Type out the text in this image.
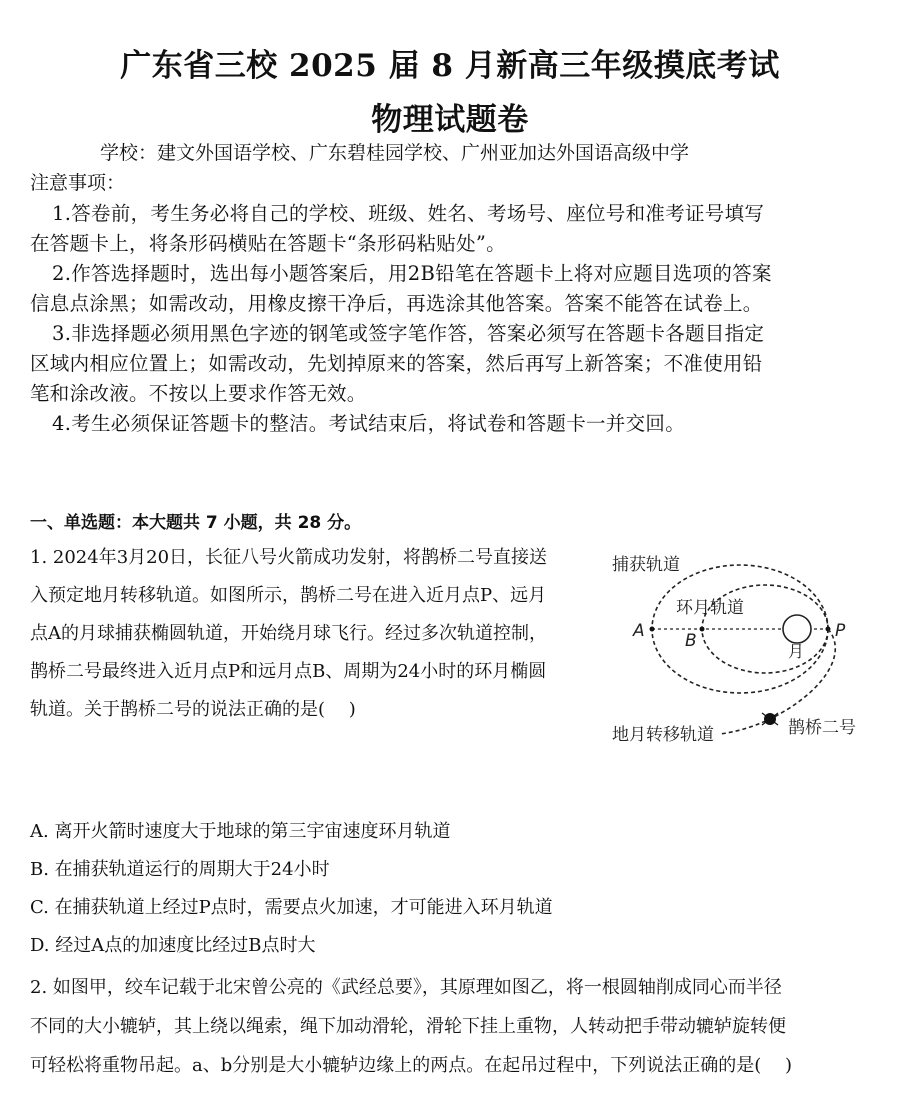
广东省三校 2025 届 8 月新高三年级摸底考试
物理试题卷
学校：建文外国语学校、广东碧桂园学校、广州亚加达外国语高级中学
注意事项：
1.答卷前，考生务必将自己的学校、班级、姓名、考场号、座位号和准考证号填写
在答题卡上，将条形码横贴在答题卡“条形码粘贴处”。
2.作答选择题时，选出每小题答案后，用2B铅笔在答题卡上将对应题目选项的答案
信息点涂黑；如需改动，用橡皮擦干净后，再选涂其他答案。答案不能答在试卷上。
3.非选择题必须用黑色字迹的钢笔或签字笔作答，答案必须写在答题卡各题目指定
区域内相应位置上；如需改动，先划掉原来的答案，然后再写上新答案；不准使用铅
笔和涂改液。不按以上要求作答无效。
4.考生必须保证答题卡的整洁。考试结束后，将试卷和答题卡一并交回。
一、单选题：本大题共 7 小题，共 28 分。
1. 2024年3月20日，长征八号火箭成功发射，将鹊桥二号直接送
入预定地月转移轨道。如图所示，鹊桥二号在进入近月点P、远月
点A的月球捕获椭圆轨道，开始绕月球飞行。经过多次轨道控制，
鹊桥二号最终进入近月点P和远月点B、周期为24小时的环月椭圆
轨道。关于鹊桥二号的说法正确的是(　 )
捕获轨道
环月轨道
A B	P
月
地月转移轨道	鹊桥二号
A. 离开火箭时速度大于地球的第三宇宙速度环月轨道
B. 在捕获轨道运行的周期大于24小时
C. 在捕获轨道上经过P点时，需要点火加速，才可能进入环月轨道
D. 经过A点的加速度比经过B点时大
2. 如图甲，绞车记载于北宋曾公亮的《武经总要》，其原理如图乙，将一根圆轴削成同心而半径
不同的大小辘轳，其上绕以绳索，绳下加动滑轮，滑轮下挂上重物，人转动把手带动辘轳旋转便
可轻松将重物吊起。a、b分别是大小辘轳边缘上的两点。在起吊过程中，下列说法正确的是(　 )
